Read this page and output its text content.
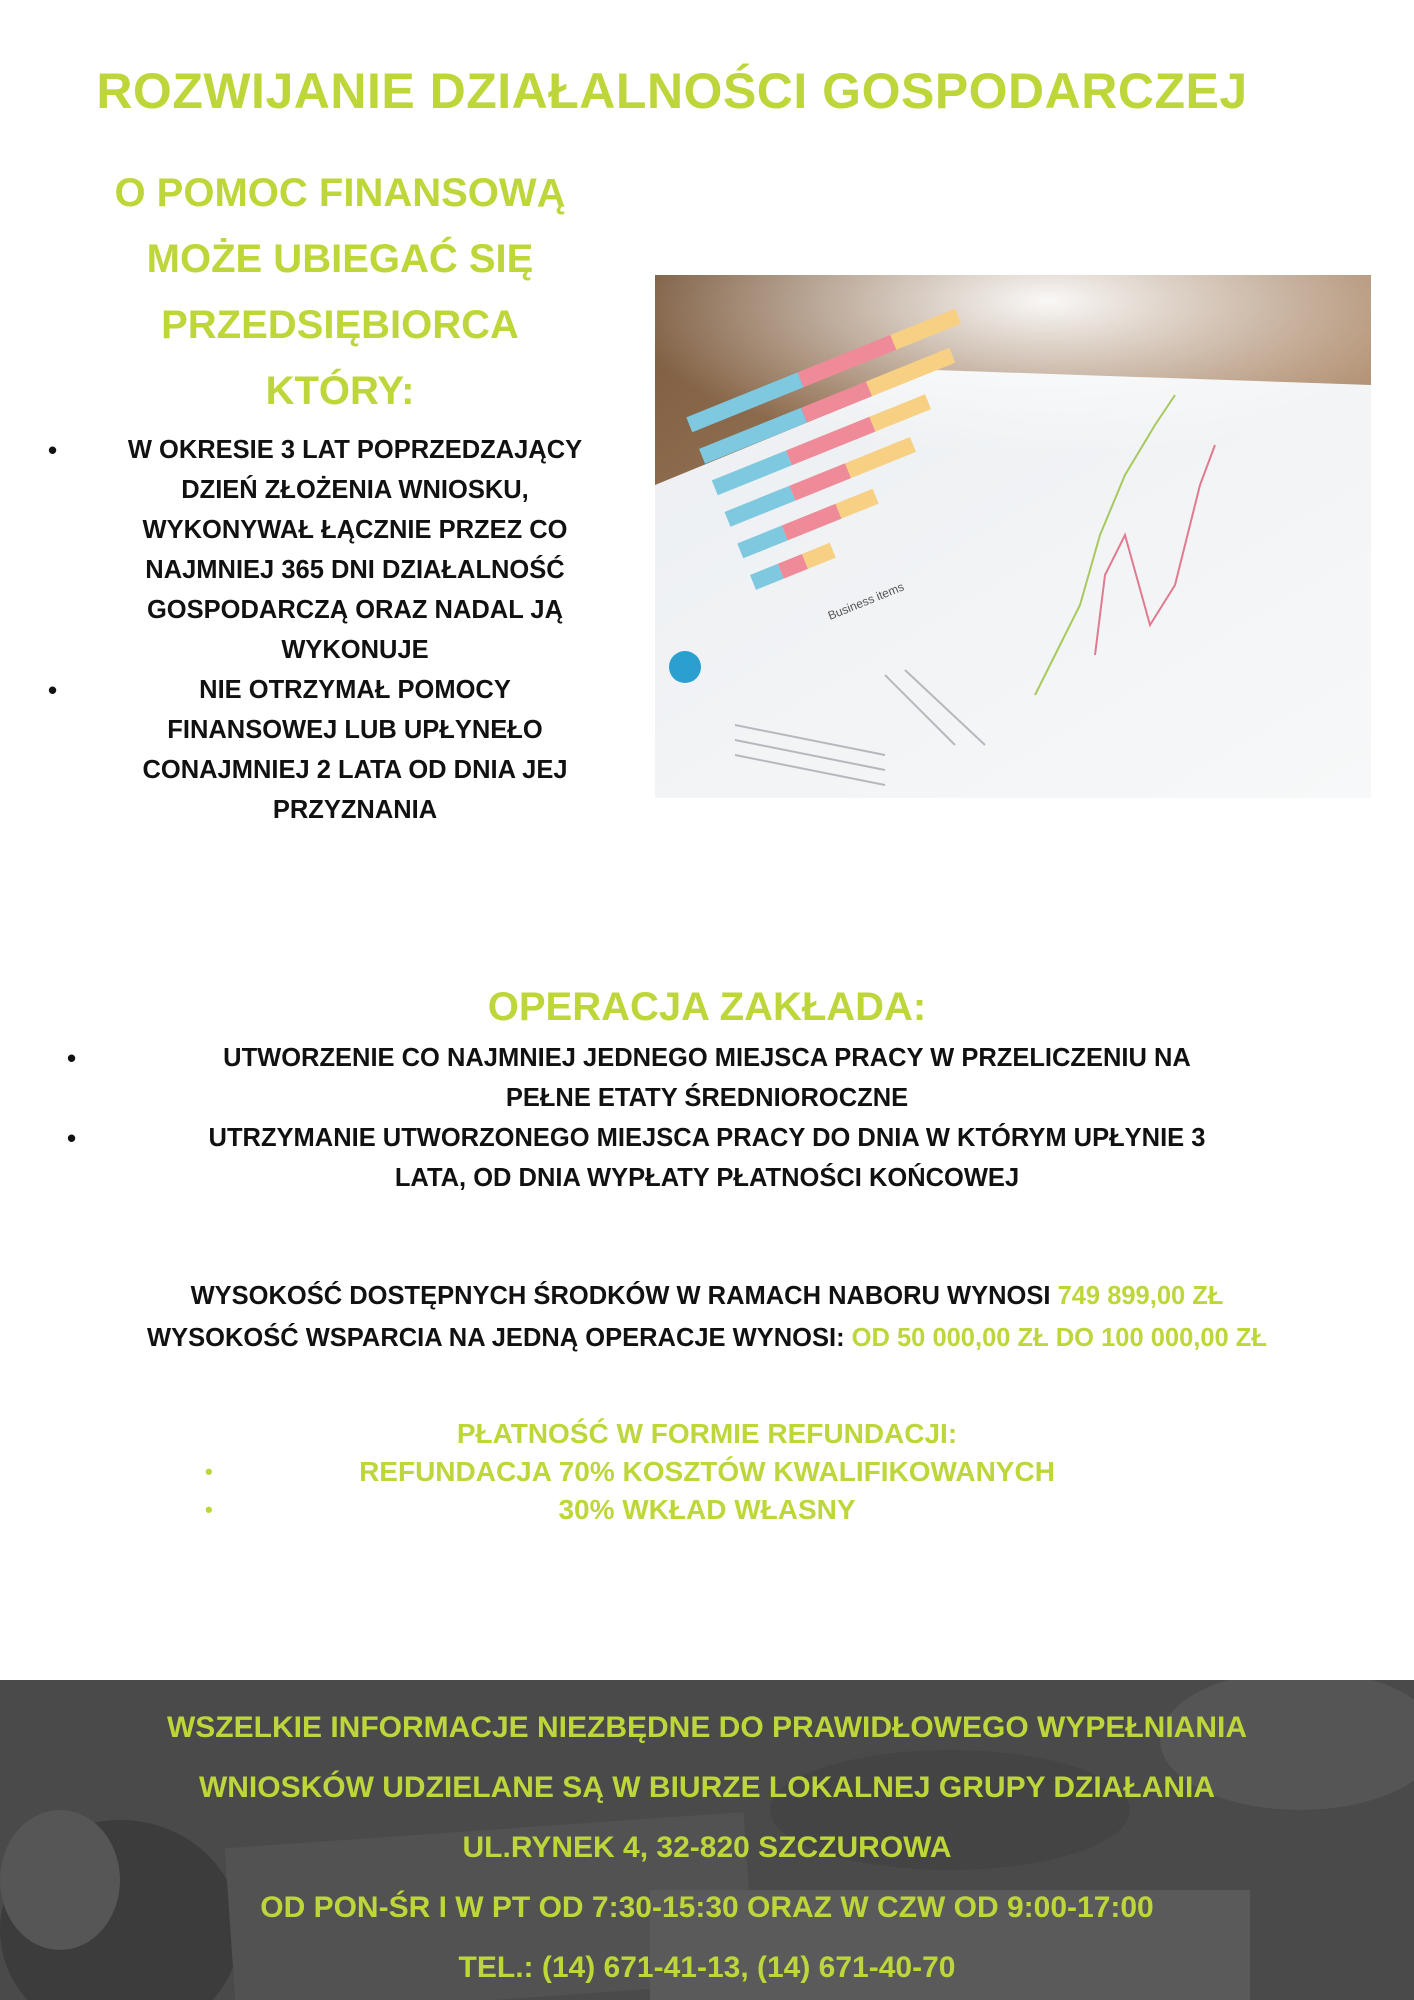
ROZWIJANIE DZIAŁALNOŚCI GOSPODARCZEJ
O POMOC FINANSOWĄ
MOŻE UBIEGAĆ SIĘ
PRZEDSIĘBIORCA
KTÓRY:
•	W OKRESIE 3 LAT POPRZEDZAJĄCY
DZIEŃ ZŁOŻENIA WNIOSKU,
WYKONYWAŁ ŁĄCZNIE PRZEZ CO
NAJMNIEJ 365 DNI DZIAŁALNOŚĆ
GOSPODARCZĄ ORAZ NADAL JĄ
WYKONUJE
•	NIE OTRZYMAŁ POMOCY
FINANSOWEJ LUB UPŁYNEŁO
CONAJMNIEJ 2 LATA OD DNIA JEJ
PRZYZNANIA
Business items
OPERACJA ZAKŁADA:
•	UTWORZENIE CO NAJMNIEJ JEDNEGO MIEJSCA PRACY W PRZELICZENIU NA
PEŁNE ETATY ŚREDNIOROCZNE
•	UTRZYMANIE UTWORZONEGO MIEJSCA PRACY DO DNIA W KTÓRYM UPŁYNIE 3
LATA, OD DNIA WYPŁATY PŁATNOŚCI KOŃCOWEJ
WYSOKOŚĆ DOSTĘPNYCH ŚRODKÓW W RAMACH NABORU WYNOSI 749 899,00 ZŁ
WYSOKOŚĆ WSPARCIA NA JEDNĄ OPERACJE WYNOSI: OD 50 000,00 ZŁ DO 100 000,00 ZŁ
PŁATNOŚĆ W FORMIE REFUNDACJI:
•	REFUNDACJA 70% KOSZTÓW KWALIFIKOWANYCH
•	30% WKŁAD WŁASNY
WSZELKIE INFORMACJE NIEZBĘDNE DO PRAWIDŁOWEGO WYPEŁNIANIA
WNIOSKÓW UDZIELANE SĄ W BIURZE LOKALNEJ GRUPY DZIAŁANIA
UL.RYNEK 4, 32-820 SZCZUROWA
OD PON-ŚR I W PT OD 7:30-15:30 ORAZ W CZW OD 9:00-17:00
TEL.: (14) 671-41-13, (14) 671-40-70
